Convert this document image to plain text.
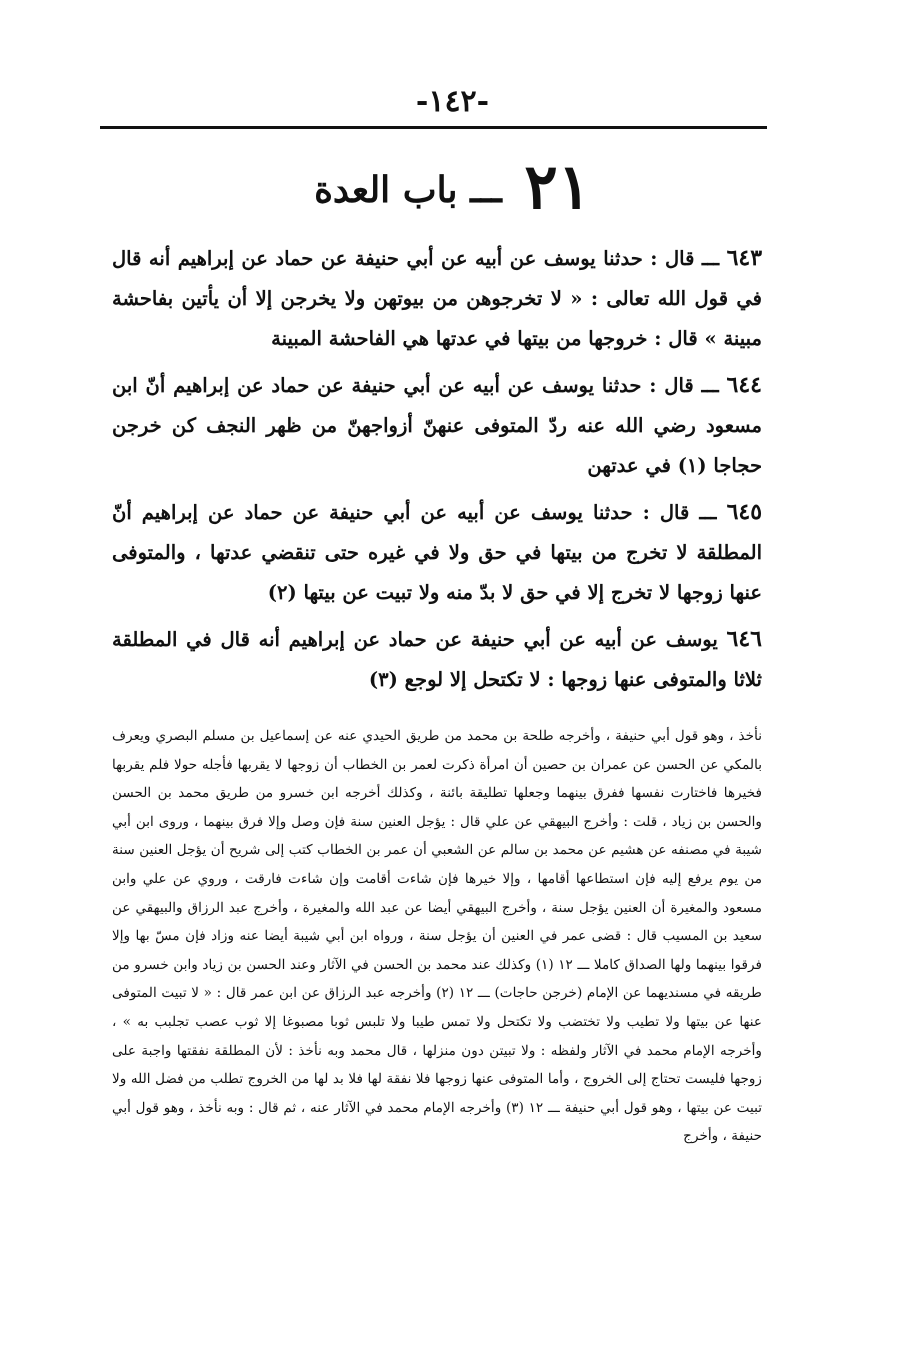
-١٤٢-
٢١ ـــ باب العدة

٦٤٣ ـــ قال : حدثنا يوسف عن أبيه عن أبي حنيفة عن حماد عن إبراهيم أنه قال في قول الله تعالى : « لا تخرجوهن من بيوتهن ولا يخرجن إلا أن يأتين بفاحشة مبينة » قال : خروجها من بيتها في عدتها هي الفاحشة المبينة

٦٤٤ ـــ قال : حدثنا يوسف عن أبيه عن أبي حنيفة عن حماد عن إبراهيم أنّ ابن مسعود رضي الله عنه ردّ المتوفى عنهنّ أزواجهنّ من ظهر النجف كن خرجن حجاجا (١) في عدتهن

٦٤٥ ـــ قال : حدثنا يوسف عن أبيه عن أبي حنيفة عن حماد عن إبراهيم أنّ المطلقة لا تخرج من بيتها في حق ولا في غيره حتى تنقضي عدتها ، والمتوفى عنها زوجها لا تخرج إلا في حق لا بدّ منه ولا تبيت عن بيتها (٢)

٦٤٦ يوسف عن أبيه عن أبي حنيفة عن حماد عن إبراهيم أنه قال في المطلقة ثلاثا والمتوفى عنها زوجها : لا تكتحل إلا لوجع (٣)

نأخذ ، وهو قول أبي حنيفة ، وأخرجه طلحة بن محمد من طريق الحيدي عنه عن إسماعيل بن مسلم البصري ويعرف بالمكي عن الحسن عن عمران بن حصين أن امرأة ذكرت لعمر بن الخطاب أن زوجها لا يقربها فأجله حولا فلم يقربها فخيرها فاختارت نفسها ففرق بينهما وجعلها تطليقة بائنة ، وكذلك أخرجه ابن خسرو من طريق محمد بن الحسن والحسن بن زياد ، قلت : وأخرج البيهقي عن علي قال : يؤجل العنين سنة فإن وصل وإلا فرق بينهما ، وروى ابن أبي شيبة في مصنفه عن هشيم عن محمد بن سالم عن الشعبي أن عمر بن الخطاب كتب إلى شريح أن يؤجل العنين سنة من يوم يرفع إليه فإن استطاعها أقامها ، وإلا خيرها فإن شاءت أقامت وإن شاءت فارقت ، وروي عن علي وابن مسعود والمغيرة أن العنين يؤجل سنة ، وأخرج البيهقي أيضا عن عبد الله والمغيرة ، وأخرج عبد الرزاق والبيهقي عن سعيد بن المسيب قال : قضى عمر في العنين أن يؤجل سنة ، ورواه ابن أبي شيبة أيضا عنه وزاد فإن مسّ بها وإلا فرقوا بينهما ولها الصداق كاملا ـــ ١٢ (١) وكذلك عند محمد بن الحسن في الآثار وعند الحسن بن زياد وابن خسرو من طريقه في مسنديهما عن الإمام (خرجن حاجات) ـــ ١٢ (٢) وأخرجه عبد الرزاق عن ابن عمر قال : « لا تبيت المتوفى عنها عن بيتها ولا تطيب ولا تختضب ولا تكتحل ولا تمس طيبا ولا تلبس ثوبا مصبوغا إلا ثوب عصب تجلبب به » ، وأخرجه الإمام محمد في الآثار ولفظه : ولا تبيتن دون منزلها ، قال محمد وبه نأخذ : لأن المطلقة نفقتها واجبة على زوجها فليست تحتاج إلى الخروج ، وأما المتوفى عنها زوجها فلا نفقة لها فلا بد لها من الخروج تطلب من فضل الله ولا تبيت عن بيتها ، وهو قول أبي حنيفة ـــ ١٢ (٣) وأخرجه الإمام محمد في الآثار عنه ، ثم قال : وبه نأخذ ، وهو قول أبي حنيفة ، وأخرج
